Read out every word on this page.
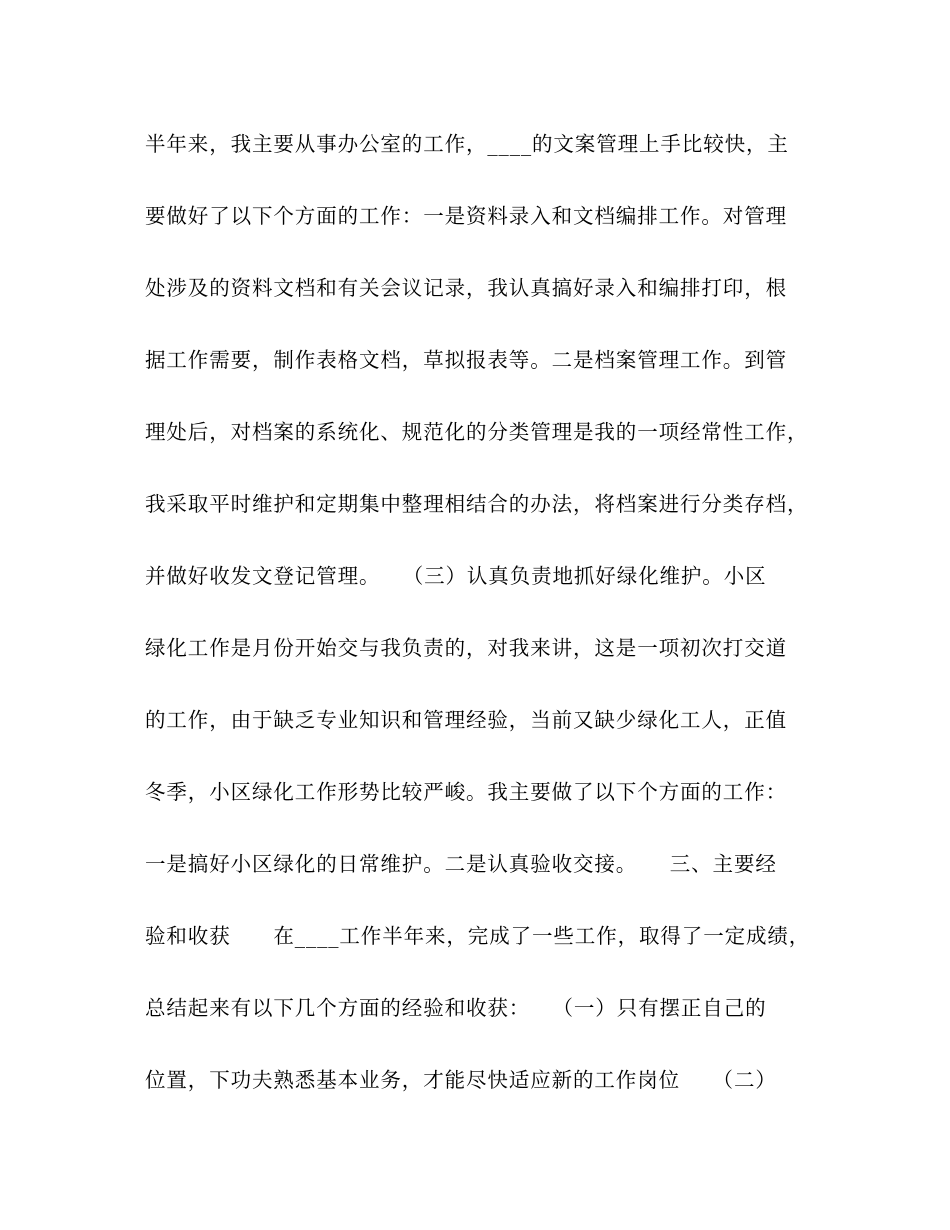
半年来，我主要从事办公室的工作，____的文案管理上手比较快，主
要做好了以下个方面的工作：一是资料录入和文档编排工作。对管理
处涉及的资料文档和有关会议记录，我认真搞好录入和编排打印，根
据工作需要，制作表格文档，草拟报表等。二是档案管理工作。到管
理处后，对档案的系统化、规范化的分类管理是我的一项经常性工作，
我采取平时维护和定期集中整理相结合的办法，将档案进行分类存档，
并做好收发文登记管理。　　（三）认真负责地抓好绿化维护。小区
绿化工作是月份开始交与我负责的，对我来讲，这是一项初次打交道
的工作，由于缺乏专业知识和管理经验，当前又缺少绿化工人，正值
冬季，小区绿化工作形势比较严峻。我主要做了以下个方面的工作：
一是搞好小区绿化的日常维护。二是认真验收交接。　　三、主要经
验和收获　　在____工作半年来，完成了一些工作，取得了一定成绩，
总结起来有以下几个方面的经验和收获：　　（一）只有摆正自己的
位置，下功夫熟悉基本业务，才能尽快适应新的工作岗位　　（二）
